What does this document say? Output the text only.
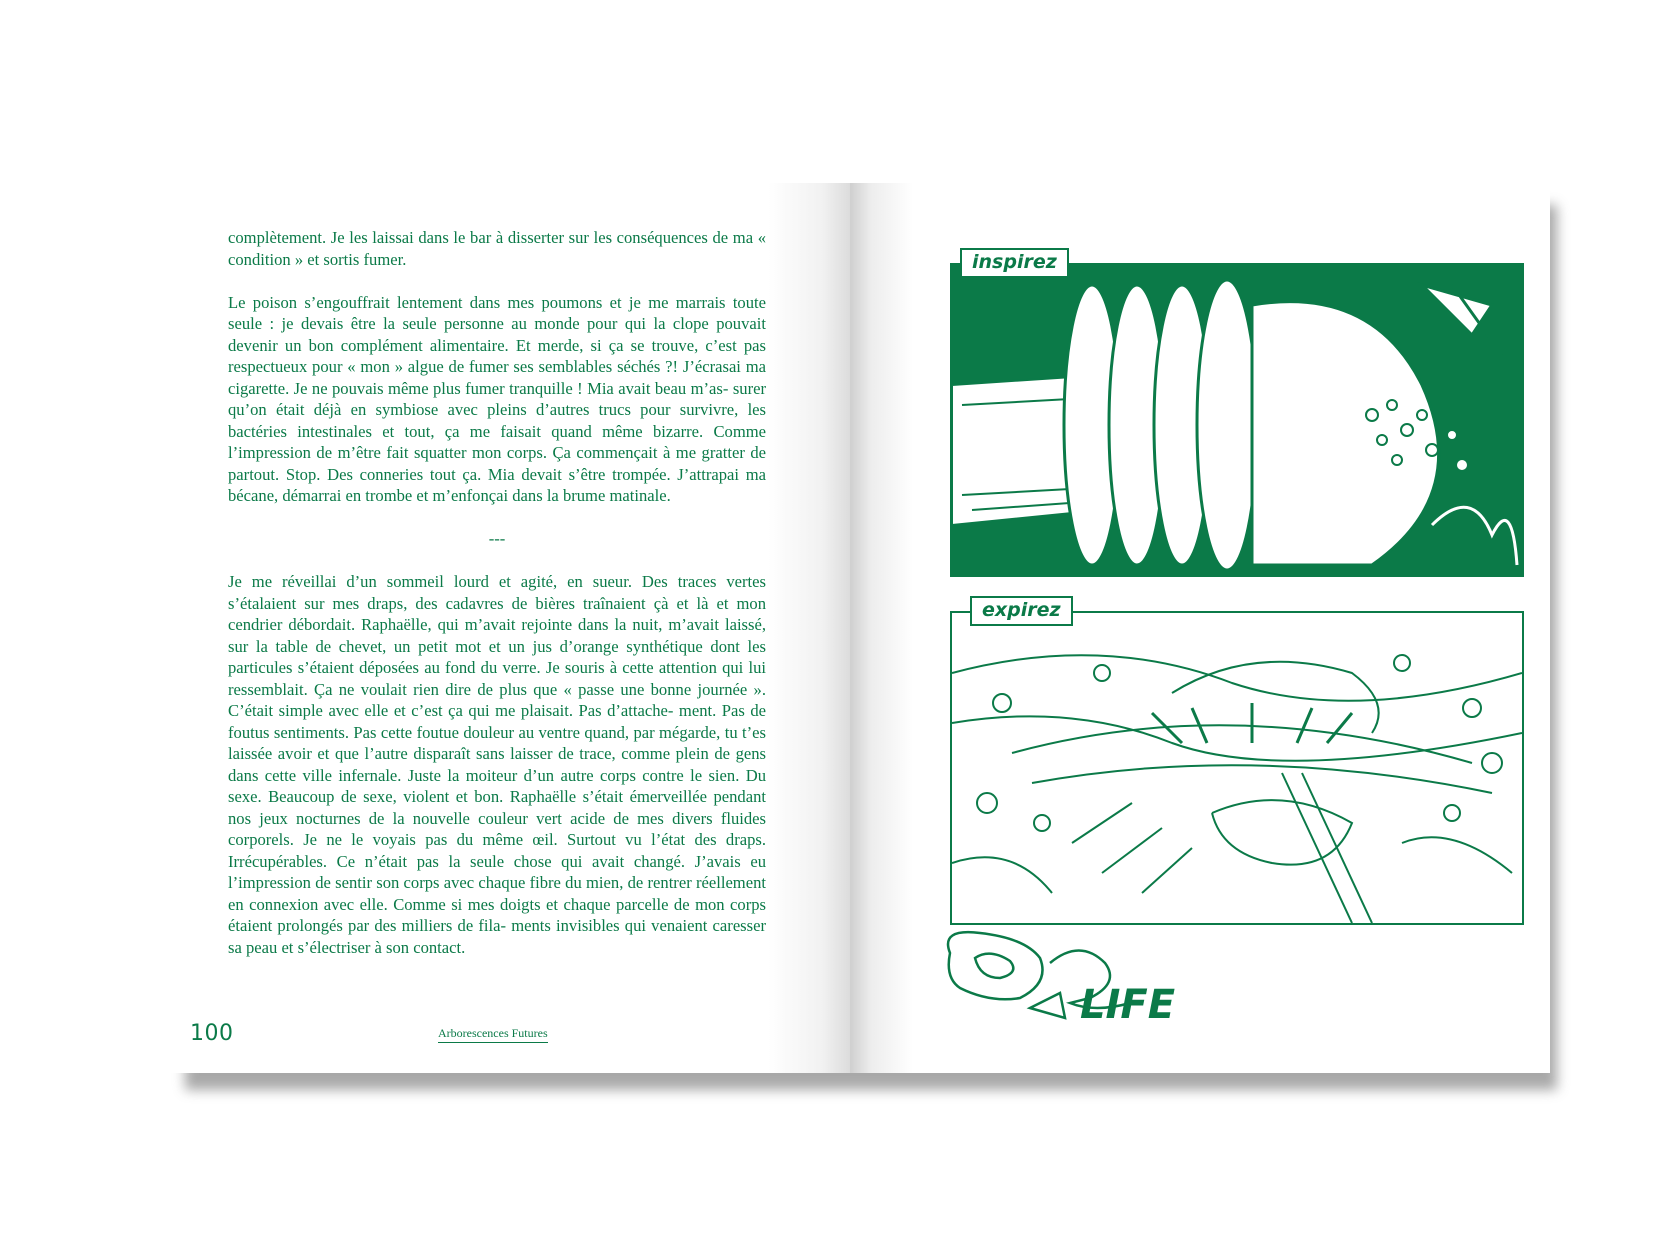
complètement. Je les laissai dans le bar à disserter sur les conséquences de ma « condition » et sortis fumer.

Le poison s’engouffrait lentement dans mes poumons et je me marrais toute seule : je devais être la seule personne au monde pour qui la clope pouvait devenir un bon complément alimentaire. Et merde, si ça se trouve, c’est pas respectueux pour « mon » algue de fumer ses semblables séchés ?! J’écrasai ma cigarette. Je ne pouvais même plus fumer tranquille ! Mia avait beau m’as- surer qu’on était déjà en symbiose avec pleins d’autres trucs pour survivre, les bactéries intestinales et tout, ça me faisait quand même bizarre. Comme l’impression de m’être fait squatter mon corps. Ça commençait à me gratter de partout. Stop. Des conneries tout ça. Mia devait s’être trompée. J’attrapai ma bécane, démarrai en trombe et m’enfonçai dans la brume matinale.

---

Je me réveillai d’un sommeil lourd et agité, en sueur. Des traces vertes s’étalaient sur mes draps, des cadavres de bières traînaient çà et là et mon cendrier débordait. Raphaëlle, qui m’avait rejointe dans la nuit, m’avait laissé, sur la table de chevet, un petit mot et un jus d’orange synthétique dont les particules s’étaient déposées au fond du verre. Je souris à cette attention qui lui ressemblait. Ça ne voulait rien dire de plus que « passe une bonne journée ». C’était simple avec elle et c’est ça qui me plaisait. Pas d’attache- ment. Pas de foutus sentiments. Pas cette foutue douleur au ventre quand, par mégarde, tu t’es laissée avoir et que l’autre disparaît sans laisser de trace, comme plein de gens dans cette ville infernale. Juste la moiteur d’un autre corps contre le sien. Du sexe. Beaucoup de sexe, violent et bon. Raphaëlle s’était émerveillée pendant nos jeux nocturnes de la nouvelle couleur vert acide de mes divers fluides corporels. Je ne le voyais pas du même œil. Surtout vu l’état des draps. Irrécupérables. Ce n’était pas la seule chose qui avait changé. J’avais eu l’impression de sentir son corps avec chaque fibre du mien, de rentrer réellement en connexion avec elle. Comme si mes doigts et chaque parcelle de mon corps étaient prolongés par des milliers de fila- ments invisibles qui venaient caresser sa peau et s’électriser à son contact.

100	Arborescences Futures
inspirez
expirez
LIFE
